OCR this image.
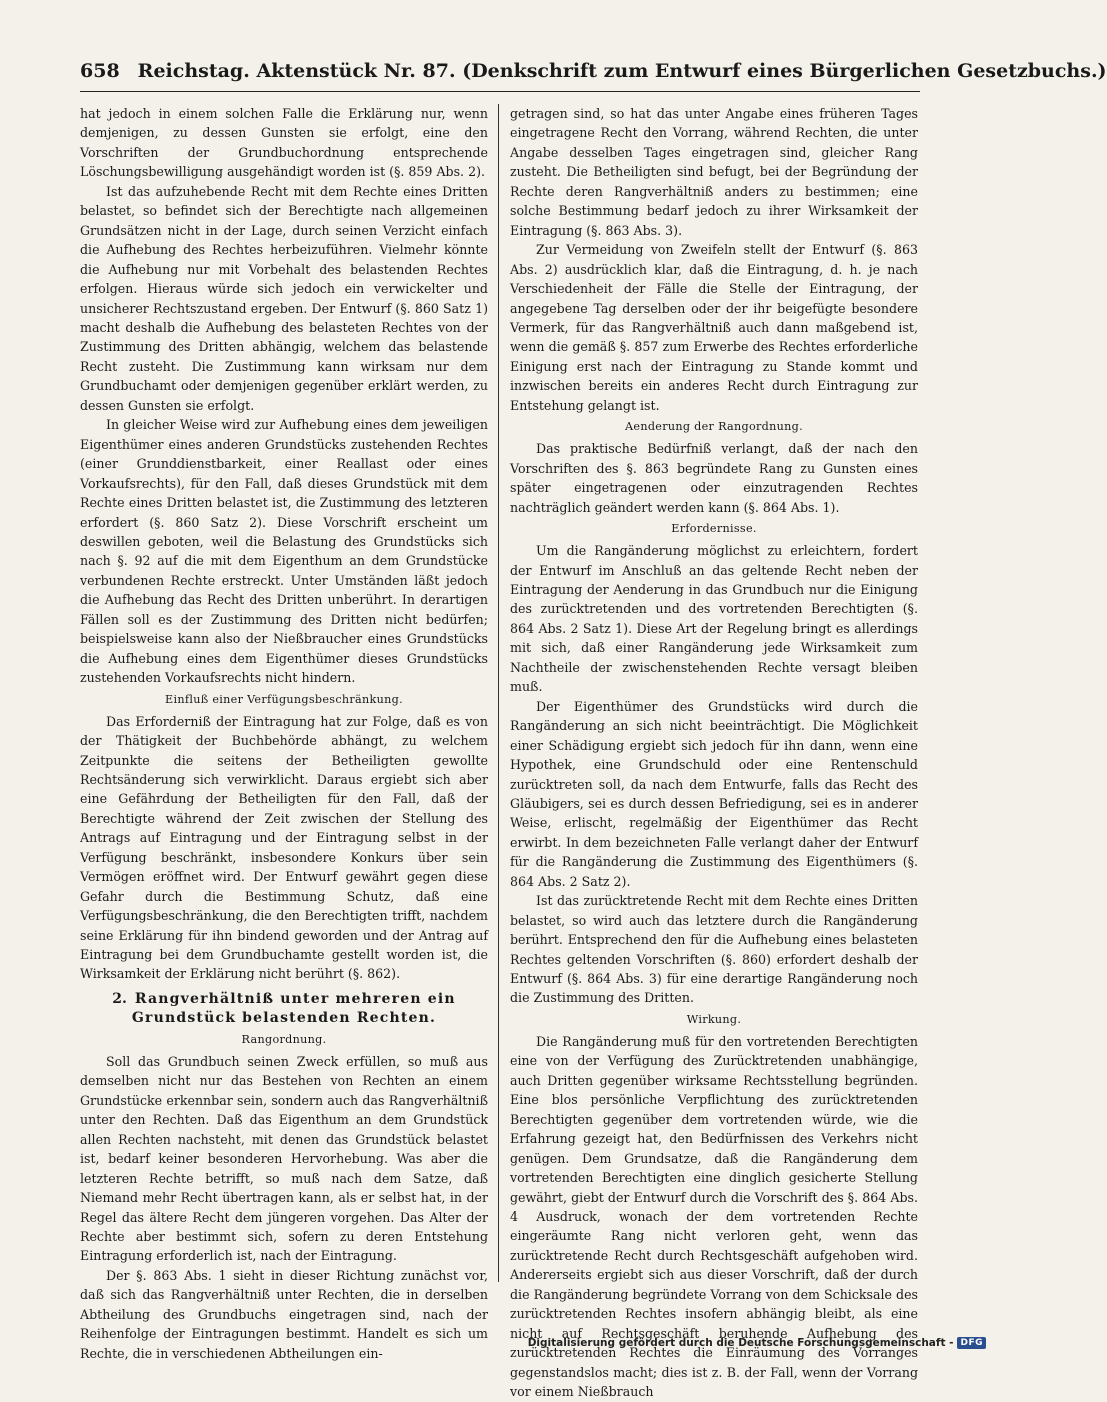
658 Reichstag. Aktenstück Nr. 87. (Denkschrift zum Entwurf eines Bürgerlichen Gesetzbuchs.)

hat jedoch in einem solchen Falle die Erklärung nur, wenn demjenigen, zu dessen Gunsten sie erfolgt, eine den Vorschriften der Grundbuchordnung entsprechende Löschungsbewilligung ausgehändigt worden ist (§. 859 Abs. 2).

Ist das aufzuhebende Recht mit dem Rechte eines Dritten belastet, so befindet sich der Berechtigte nach allgemeinen Grundsätzen nicht in der Lage, durch seinen Verzicht einfach die Aufhebung des Rechtes herbeizuführen. Vielmehr könnte die Aufhebung nur mit Vorbehalt des belastenden Rechtes erfolgen. Hieraus würde sich jedoch ein verwickelter und unsicherer Rechtszustand ergeben. Der Entwurf (§. 860 Satz 1) macht deshalb die Aufhebung des belasteten Rechtes von der Zustimmung des Dritten abhängig, welchem das belastende Recht zusteht. Die Zustimmung kann wirksam nur dem Grundbuchamt oder demjenigen gegenüber erklärt werden, zu dessen Gunsten sie erfolgt.

In gleicher Weise wird zur Aufhebung eines dem jeweiligen Eigenthümer eines anderen Grundstücks zustehenden Rechtes (einer Grunddienstbarkeit, einer Reallast oder eines Vorkaufsrechts), für den Fall, daß dieses Grundstück mit dem Rechte eines Dritten belastet ist, die Zustimmung des letzteren erfordert (§. 860 Satz 2). Diese Vorschrift erscheint um deswillen geboten, weil die Belastung des Grundstücks sich nach §. 92 auf die mit dem Eigenthum an dem Grundstücke verbundenen Rechte erstreckt. Unter Umständen läßt jedoch die Aufhebung das Recht des Dritten unberührt. In derartigen Fällen soll es der Zustimmung des Dritten nicht bedürfen; beispielsweise kann also der Nießbraucher eines Grundstücks die Aufhebung eines dem Eigenthümer dieses Grundstücks zustehenden Vorkaufsrechts nicht hindern.

Einfluß einer Verfügungsbeschränkung.

Das Erforderniß der Eintragung hat zur Folge, daß es von der Thätigkeit der Buchbehörde abhängt, zu welchem Zeitpunkte die seitens der Betheiligten gewollte Rechtsänderung sich verwirklicht. Daraus ergiebt sich aber eine Gefährdung der Betheiligten für den Fall, daß der Berechtigte während der Zeit zwischen der Stellung des Antrags auf Eintragung und der Eintragung selbst in der Verfügung beschränkt, insbesondere Konkurs über sein Vermögen eröffnet wird. Der Entwurf gewährt gegen diese Gefahr durch die Bestimmung Schutz, daß eine Verfügungsbeschränkung, die den Berechtigten trifft, nachdem seine Erklärung für ihn bindend geworden und der Antrag auf Eintragung bei dem Grundbuchamte gestellt worden ist, die Wirksamkeit der Erklärung nicht berührt (§. 862).

2. Rangverhältniß unter mehreren ein Grundstück belastenden Rechten.
Rangordnung.

Soll das Grundbuch seinen Zweck erfüllen, so muß aus demselben nicht nur das Bestehen von Rechten an einem Grundstücke erkennbar sein, sondern auch das Rangverhältniß unter den Rechten. Daß das Eigenthum an dem Grundstück allen Rechten nachsteht, mit denen das Grundstück belastet ist, bedarf keiner besonderen Hervorhebung. Was aber die letzteren Rechte betrifft, so muß nach dem Satze, daß Niemand mehr Recht übertragen kann, als er selbst hat, in der Regel das ältere Recht dem jüngeren vorgehen. Das Alter der Rechte aber bestimmt sich, sofern zu deren Entstehung Eintragung erforderlich ist, nach der Eintragung.

Der §. 863 Abs. 1 sieht in dieser Richtung zunächst vor, daß sich das Rangverhältniß unter Rechten, die in derselben Abtheilung des Grundbuchs eingetragen sind, nach der Reihenfolge der Eintragungen bestimmt. Handelt es sich um Rechte, die in verschiedenen Abtheilungen ein-

getragen sind, so hat das unter Angabe eines früheren Tages eingetragene Recht den Vorrang, während Rechten, die unter Angabe desselben Tages eingetragen sind, gleicher Rang zusteht. Die Betheiligten sind befugt, bei der Begründung der Rechte deren Rangverhältniß anders zu bestimmen; eine solche Bestimmung bedarf jedoch zu ihrer Wirksamkeit der Eintragung (§. 863 Abs. 3).

Zur Vermeidung von Zweifeln stellt der Entwurf (§. 863 Abs. 2) ausdrücklich klar, daß die Eintragung, d. h. je nach Verschiedenheit der Fälle die Stelle der Eintragung, der angegebene Tag derselben oder der ihr beigefügte besondere Vermerk, für das Rangverhältniß auch dann maßgebend ist, wenn die gemäß §. 857 zum Erwerbe des Rechtes erforderliche Einigung erst nach der Eintragung zu Stande kommt und inzwischen bereits ein anderes Recht durch Eintragung zur Entstehung gelangt ist.

Aenderung der Rangordnung.

Das praktische Bedürfniß verlangt, daß der nach den Vorschriften des §. 863 begründete Rang zu Gunsten eines später eingetragenen oder einzutragenden Rechtes nachträglich geändert werden kann (§. 864 Abs. 1).

Erfordernisse.

Um die Rangänderung möglichst zu erleichtern, fordert der Entwurf im Anschluß an das geltende Recht neben der Eintragung der Aenderung in das Grundbuch nur die Einigung des zurücktretenden und des vortretenden Berechtigten (§. 864 Abs. 2 Satz 1). Diese Art der Regelung bringt es allerdings mit sich, daß einer Rangänderung jede Wirksamkeit zum Nachtheile der zwischenstehenden Rechte versagt bleiben muß.

Der Eigenthümer des Grundstücks wird durch die Rangänderung an sich nicht beeinträchtigt. Die Möglichkeit einer Schädigung ergiebt sich jedoch für ihn dann, wenn eine Hypothek, eine Grundschuld oder eine Rentenschuld zurücktreten soll, da nach dem Entwurfe, falls das Recht des Gläubigers, sei es durch dessen Befriedigung, sei es in anderer Weise, erlischt, regelmäßig der Eigenthümer das Recht erwirbt. In dem bezeichneten Falle verlangt daher der Entwurf für die Rangänderung die Zustimmung des Eigenthümers (§. 864 Abs. 2 Satz 2).

Ist das zurücktretende Recht mit dem Rechte eines Dritten belastet, so wird auch das letztere durch die Rangänderung berührt. Entsprechend den für die Aufhebung eines belasteten Rechtes geltenden Vorschriften (§. 860) erfordert deshalb der Entwurf (§. 864 Abs. 3) für eine derartige Rangänderung noch die Zustimmung des Dritten.

Wirkung.

Die Rangänderung muß für den vortretenden Berechtigten eine von der Verfügung des Zurücktretenden unabhängige, auch Dritten gegenüber wirksame Rechtsstellung begründen. Eine blos persönliche Verpflichtung des zurücktretenden Berechtigten gegenüber dem vortretenden würde, wie die Erfahrung gezeigt hat, den Bedürfnissen des Verkehrs nicht genügen. Dem Grundsatze, daß die Rangänderung dem vortretenden Berechtigten eine dinglich gesicherte Stellung gewährt, giebt der Entwurf durch die Vorschrift des §. 864 Abs. 4 Ausdruck, wonach der dem vortretenden Rechte eingeräumte Rang nicht verloren geht, wenn das zurücktretende Recht durch Rechtsgeschäft aufgehoben wird. Andererseits ergiebt sich aus dieser Vorschrift, daß der durch die Rangänderung begründete Vorrang von dem Schicksale des zurücktretenden Rechtes insofern abhängig bleibt, als eine nicht auf Rechtsgeschäft beruhende Aufhebung des zurücktretenden Rechtes die Einräumung des Vorranges gegenstandslos macht; dies ist z. B. der Fall, wenn der Vorrang vor einem Nießbrauch

Digitalisierung gefördert durch die Deutsche Forschungsgemeinschaft - DFG
